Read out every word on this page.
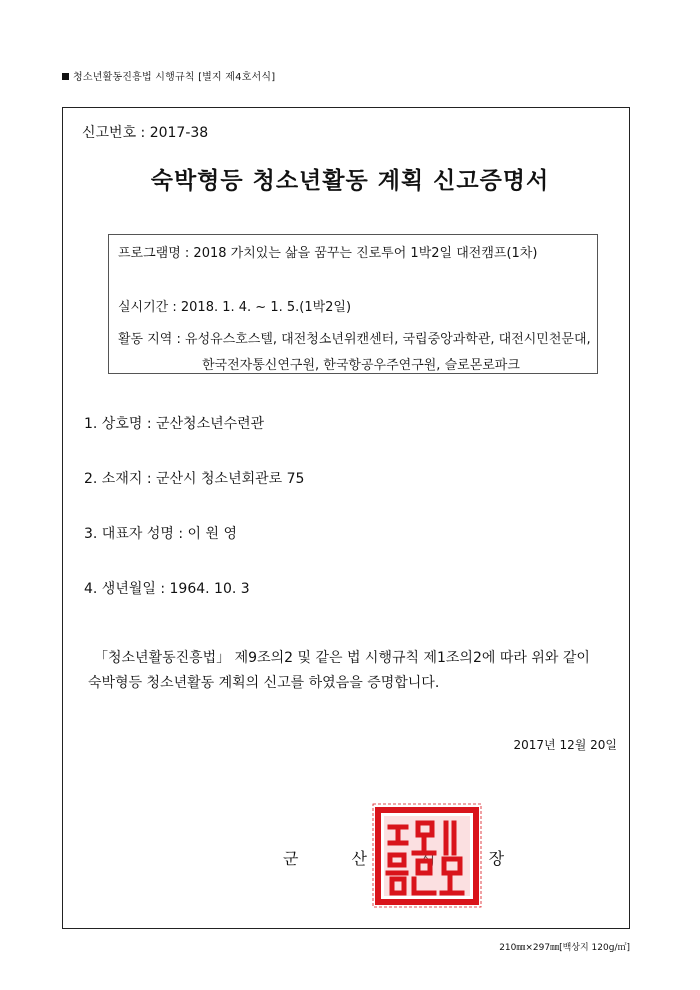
청소년활동진흥법 시행규칙 [별지 제4호서식]
신고번호 : 2017-38
숙박형등 청소년활동 계획 신고증명서
프로그램명 : 2018 가치있는 삶을 꿈꾸는 진로투어 1박2일 대전캠프(1차)
실시기간 : 2018. 1. 4. ~ 1. 5.(1박2일)
활동 지역 : 유성유스호스텔, 대전청소년위캔센터, 국립중앙과학관, 대전시민천문대,
한국전자통신연구원, 한국항공우주연구원, 슬로몬로파크
1. 상호명 : 군산청소년수련관
2. 소재지 : 군산시 청소년회관로 75
3. 대표자 성명 : 이 원 영
4. 생년월일 : 1964. 10. 3
「청소년활동진흥법」 제9조의2 및 같은 법 시행규칙 제1조의2에 따라 위와 같이
숙박형등 청소년활동 계획의 신고를 하였음을 증명합니다.
2017년 12월 20일
군 산 시 장
210㎜×297㎜[백상지 120g/㎡]
